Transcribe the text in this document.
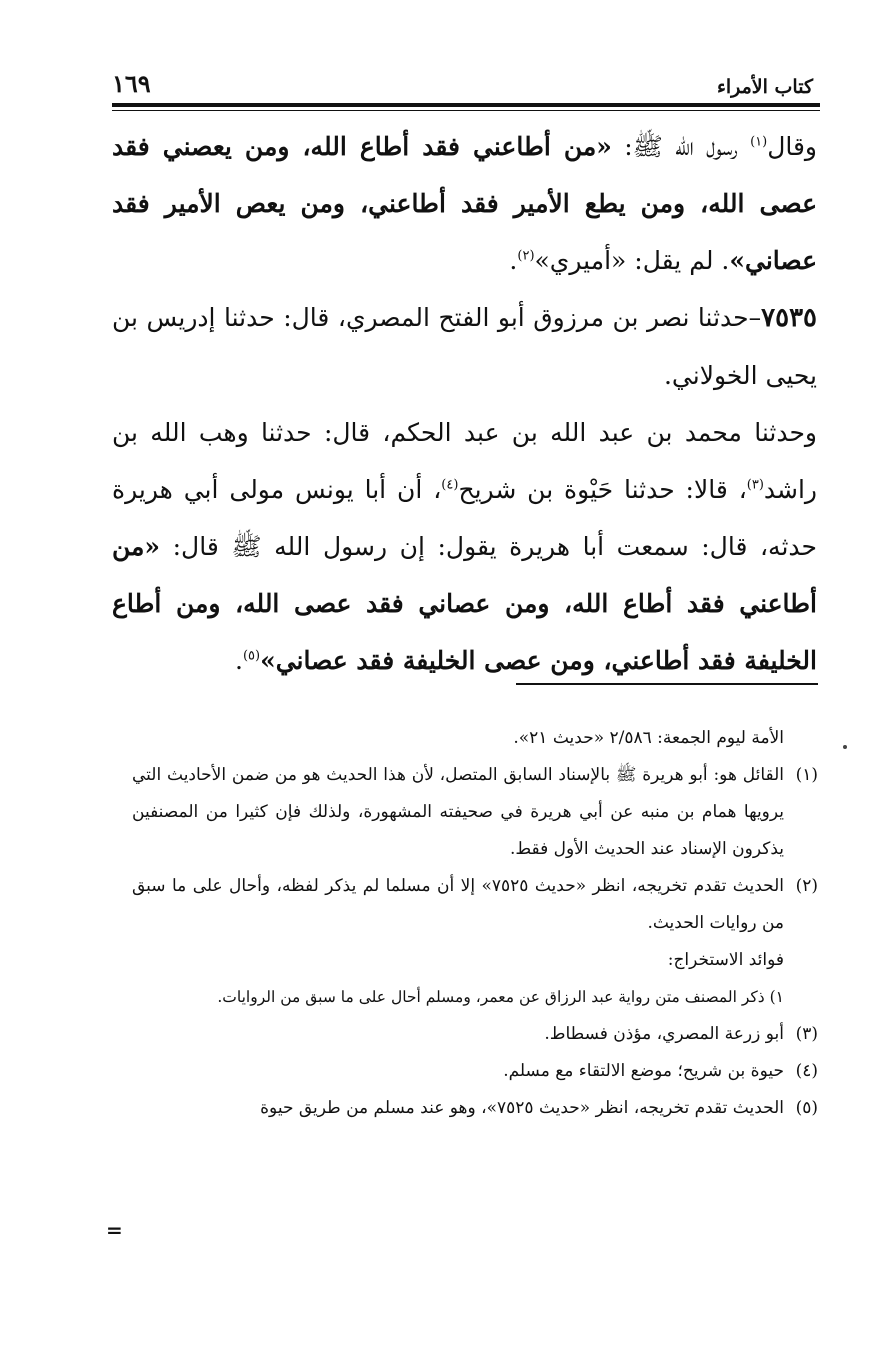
١٦٩	كتاب الأمراء

وقال$^{(١)}$ رسول الله ﷺ: «من أطاعني فقد أطاع الله، ومن يعصني فقد عصى الله، ومن يطع الأمير فقد أطاعني، ومن يعص الأمير فقد عصاني». لم يقل: «أميري»$^{(٢)}$.

٧٥٣٥–حدثنا نصر بن مرزوق أبو الفتح المصري، قال: حدثنا إدريس بن يحيى الخولاني.

وحدثنا محمد بن عبد الله بن عبد الحكم، قال: حدثنا وهب الله بن راشد$^{(٣)}$، قالا: حدثنا حَيْوة بن شريح$^{(٤)}$، أن أبا يونس مولى أبي هريرة حدثه، قال: سمعت أبا هريرة يقول: إن رسول الله ﷺ قال: «من أطاعني فقد أطاع الله، ومن عصاني فقد عصى الله، ومن أطاع الخليفة فقد أطاعني، ومن عصى الخليفة فقد عصاني»$^{(٥)}$.

الأمة ليوم الجمعة: ٢/٥٨٦ «حديث ٢١».

(١)
القائل هو: أبو هريرة ﷺ بالإسناد السابق المتصل، لأن هذا الحديث هو من ضمن الأحاديث التي يرويها همام بن منبه عن أبي هريرة في صحيفته المشهورة، ولذلك فإن كثيرا من المصنفين يذكرون الإسناد عند الحديث الأول فقط.
(٢)
الحديث تقدم تخريجه، انظر «حديث ٧٥٢٥» إلا أن مسلما لم يذكر لفظه، وأحال على ما سبق من روايات الحديث.

فوائد الاستخراج:

١) ذكر المصنف متن رواية عبد الرزاق عن معمر، ومسلم أحال على ما سبق من الروايات.

(٣)
أبو زرعة المصري، مؤذن فسطاط.
(٤)
حيوة بن شريح؛ موضع الالتقاء مع مسلم.
(٥)
الحديث تقدم تخريجه، انظر «حديث ٧٥٢٥»، وهو عند مسلم من طريق حيوة
=
